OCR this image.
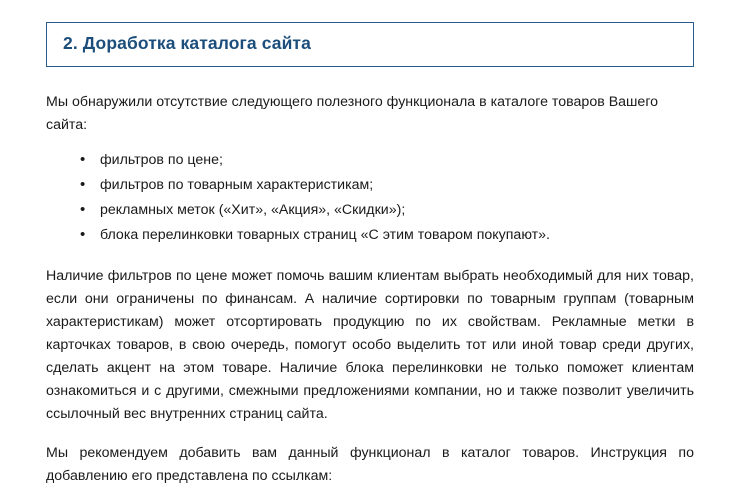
2. Доработка каталога сайта

Мы обнаружили отсутствие следующего полезного функционала в каталоге товаров Вашего сайта:

• фильтров по цене;
• фильтров по товарным характеристикам;
• рекламных меток («Хит», «Акция», «Скидки»);
• блока перелинковки товарных страниц «С этим товаром покупают».

Наличие фильтров по цене может помочь вашим клиентам выбрать необходимый для них товар, если они ограничены по финансам. А наличие сортировки по товарным группам (товарным характеристикам) может отсортировать продукцию по их свойствам. Рекламные метки в карточках товаров, в свою очередь, помогут особо выделить тот или иной товар среди других, сделать акцент на этом товаре. Наличие блока перелинковки не только поможет клиентам ознакомиться и с другими, смежными предложениями компании, но и также позволит увеличить ссылочный вес внутренних страниц сайта.

Мы рекомендуем добавить вам данный функционал в каталог товаров. Инструкция по добавлению его представлена по ссылкам:
